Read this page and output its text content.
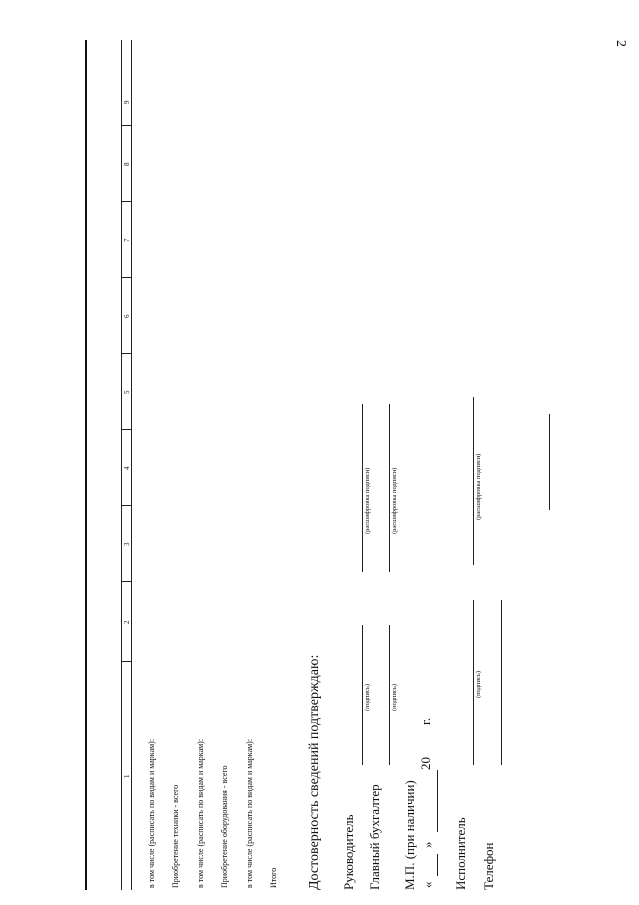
2
1
2
3
4
5
6
7
8
9
в том числе (расписать по видам и маркам): Приобретение техники - всего в том числе (расписать по видам и маркам): Приобретение оборудования - всего в том числе (расписать по видам и маркам): Итого Достоверность сведений подтверждаю: Руководитель
(подпись)
(расшифровка подписи)
Главный бухгалтер
(подпись)
(расшифровка подписи)
М.П. (при наличии) «
»
20
г.
Исполнитель
(подпись)
(расшифровка подписи)
Телефон
